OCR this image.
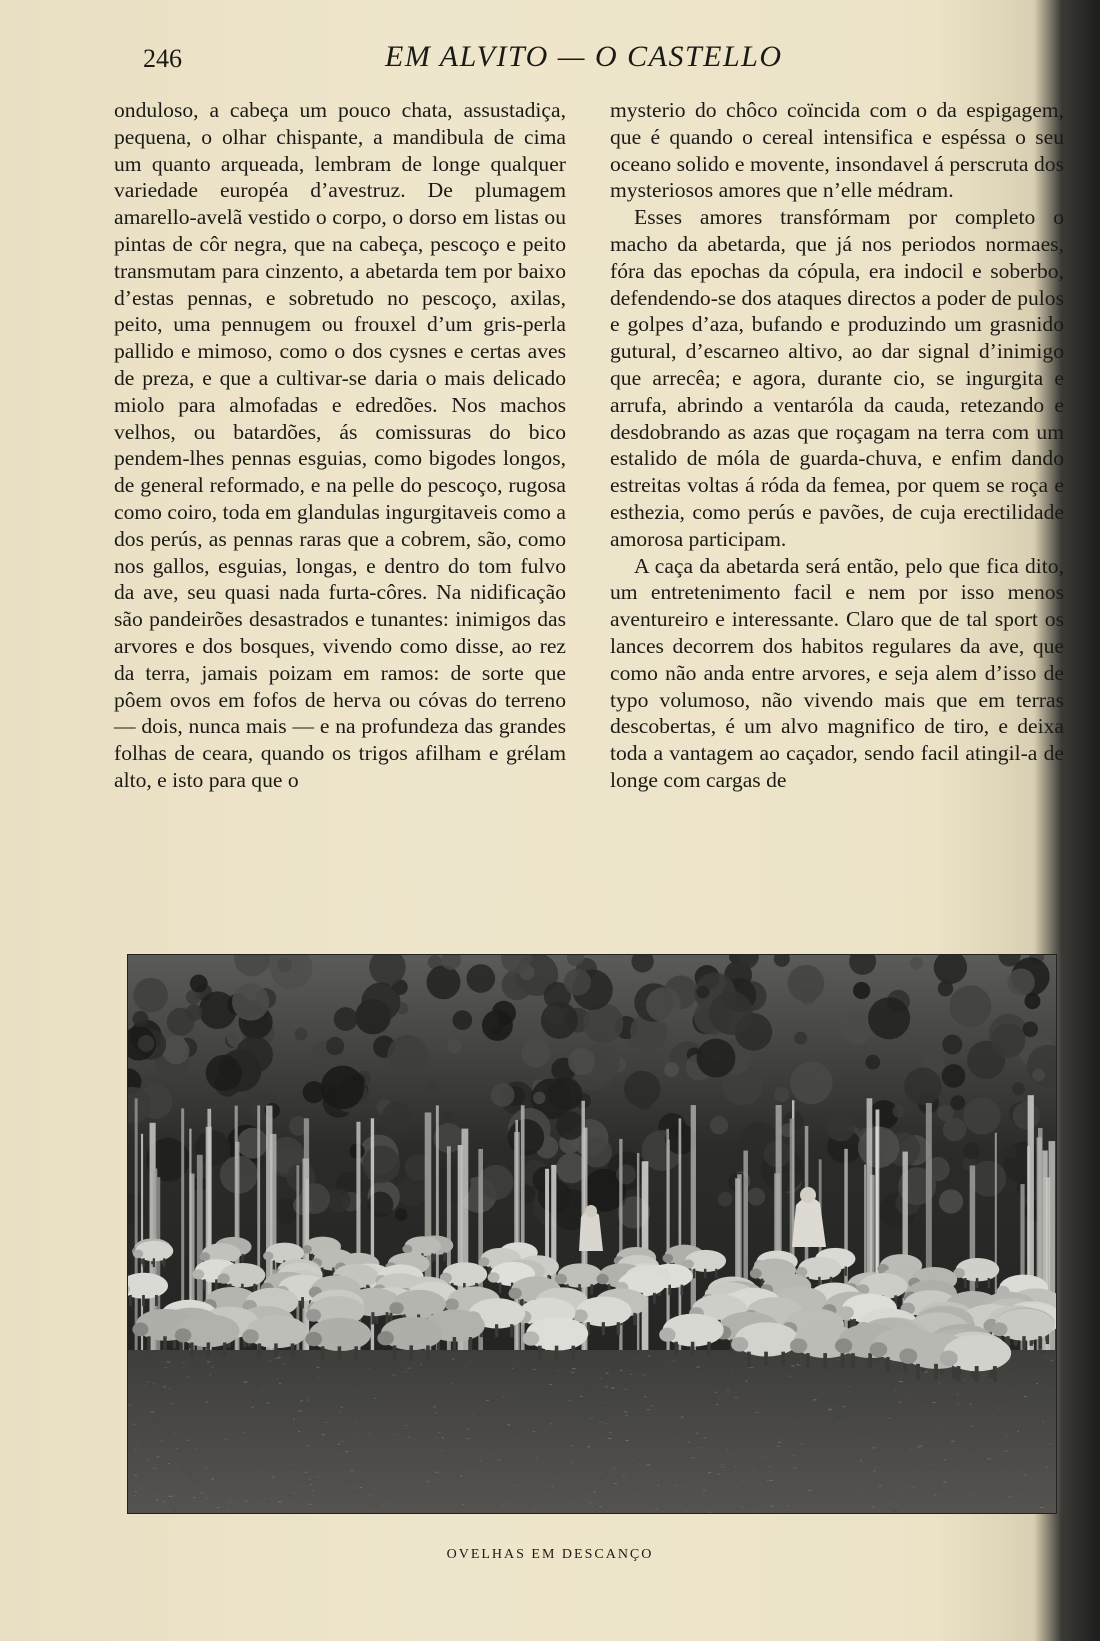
246	EM ALVITO — O CASTELLO

onduloso, a cabeça um pouco chata, assustadiça, pequena, o olhar chispante, a mandibula de cima um quanto arqueada, lembram de longe qualquer variedade européa d’avestruz. De plumagem amarello-avelã vestido o corpo, o dorso em listas ou pintas de côr negra, que na cabeça, pescoço e peito transmutam para cinzento, a abetarda tem por baixo d’estas pennas, e sobretudo no pescoço, axilas, peito, uma pennugem ou frouxel d’um gris-perla pallido e mimoso, como o dos cysnes e certas aves de preza, e que a cultivar-se daria o mais delicado miolo para almofadas e edredões. Nos machos velhos, ou batardões, ás comissuras do bico pendem-lhes pennas esguias, como bigodes longos, de general reformado, e na pelle do pescoço, rugosa como coiro, toda em glandulas ingurgitaveis como a dos perús, as pennas raras que a cobrem, são, como nos gallos, esguias, longas, e dentro do tom fulvo da ave, seu quasi nada furta-côres. Na nidificação são pandeirões desastrados e tunantes: inimigos das arvores e dos bosques, vivendo como disse, ao rez da terra, jamais poizam em ramos: de sorte que pôem ovos em fofos de herva ou cóvas do terreno — dois, nunca mais — e na profundeza das grandes folhas de ceara, quando os trigos afilham e grélam alto, e isto para que o

mysterio do chôco coïncida com o da espigagem, que é quando o cereal intensifica e espéssa o seu oceano solido e movente, insondavel á perscruta dos mysteriosos amores que n’elle médram.

Esses amores transfórmam por completo o macho da abetarda, que já nos periodos normaes, fóra das epochas da cópula, era indocil e soberbo, defendendo-se dos ataques directos a poder de pulos e golpes d’aza, bufando e produzindo um grasnido gutural, d’escarneo altivo, ao dar signal d’inimigo que arrecêa; e agora, durante cio, se ingurgita e arrufa, abrindo a ventaróla da cauda, retezando e desdobrando as azas que roçagam na terra com um estalido de móla de guarda-chuva, e enfim dando estreitas voltas á róda da femea, por quem se roça e esthezia, como perús e pavões, de cuja erectilidade amorosa participam.

A caça da abetarda será então, pelo que fica dito, um entretenimento facil e nem por isso menos aventureiro e interessante. Claro que de tal sport os lances decorrem dos habitos regulares da ave, que como não anda entre arvores, e seja alem d’isso de typo volumoso, não vivendo mais que em terras descobertas, é um alvo magnifico de tiro, e deixa toda a vantagem ao caçador, sendo facil atingil-a de longe com cargas de

OVELHAS EM DESCANÇO
